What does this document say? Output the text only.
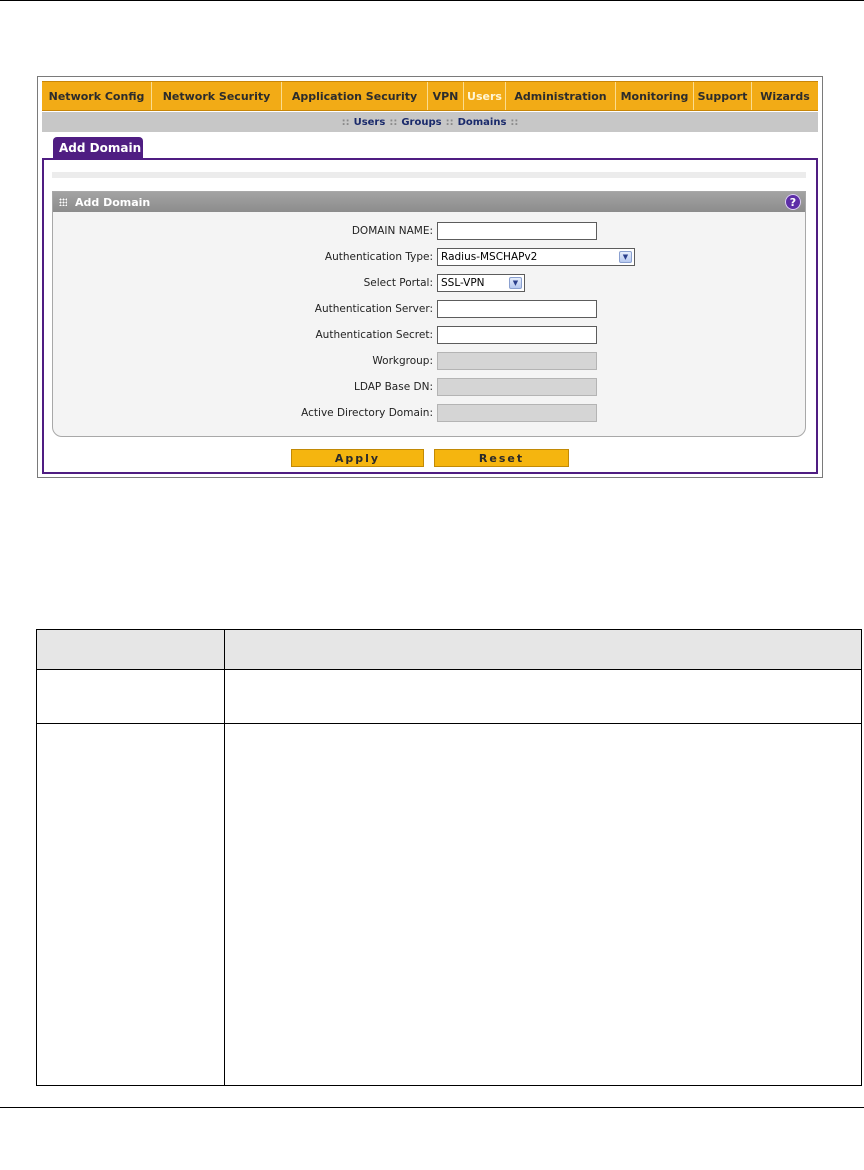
Network Config	Network Security	Application Security	VPN Users	Administration	Monitoring Support	Wizards
:: Users :: Groups :: Domains ::
Add Domain
Add Domain	?
DOMAIN NAME:
Authentication Type: Radius-MSCHAPv2	▼
Select Portal: SSL-VPN	▼
Authentication Server:
Authentication Secret:
Workgroup:
LDAP Base DN:
Active Directory Domain:
Apply	Reset
